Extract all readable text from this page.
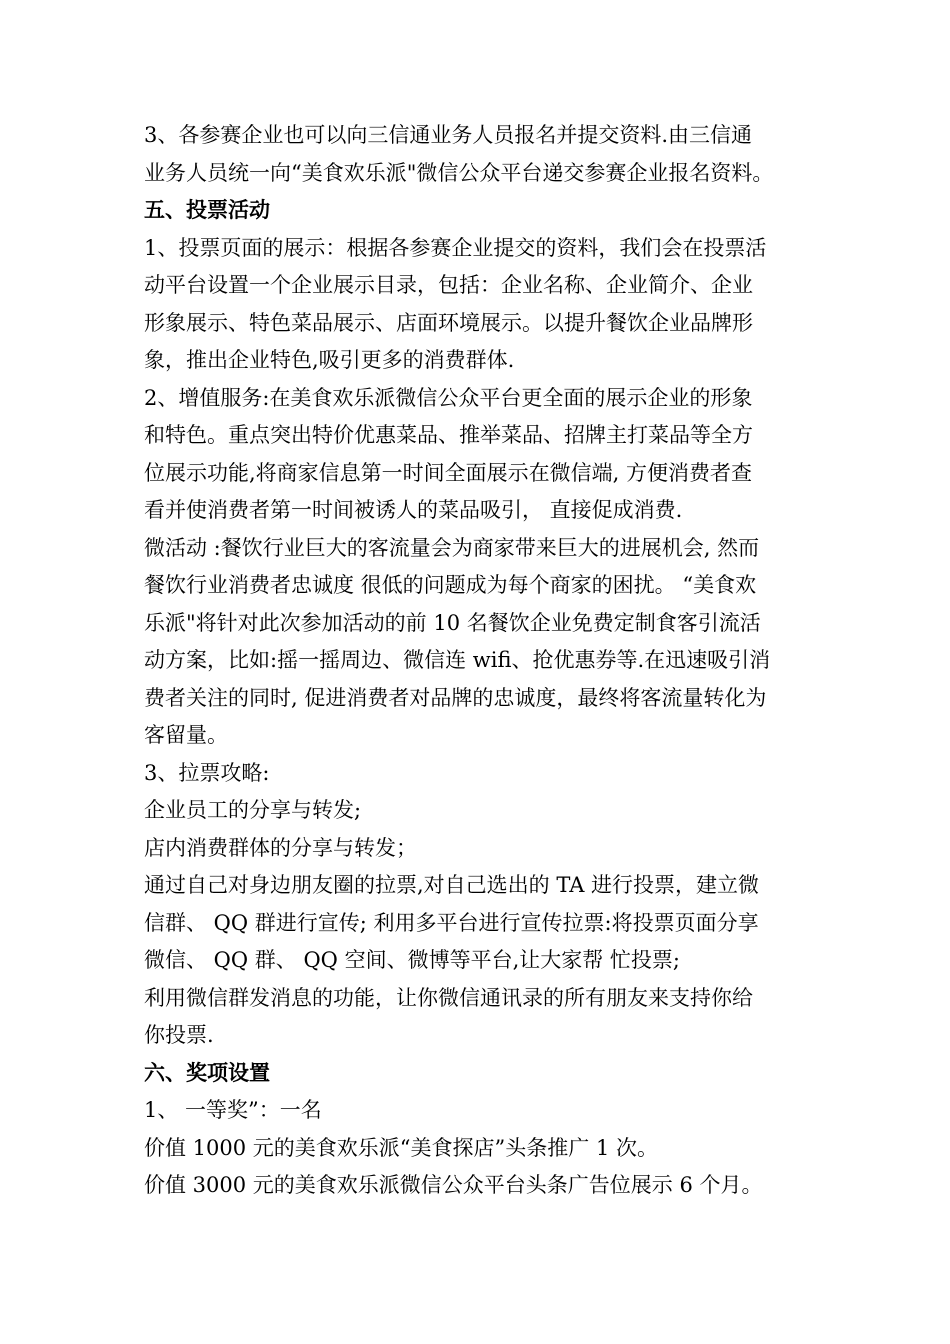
3、各参赛企业也可以向三信通业务人员报名并提交资料.由三信通
业务人员统一向“美食欢乐派"微信公众平台递交参赛企业报名资料。
五、投票活动
1、投票页面的展示：根据各参赛企业提交的资料，我们会在投票活
动平台设置一个企业展示目录，包括：企业名称、企业简介、企业
形象展示、特色菜品展示、店面环境展示。以提升餐饮企业品牌形
象，推出企业特色,吸引更多的消费群体.
2、增值服务:在美食欢乐派微信公众平台更全面的展示企业的形象
和特色。重点突出特价优惠菜品、推举菜品、招牌主打菜品等全方
位展示功能,将商家信息第一时间全面展示在微信端, 方便消费者查
看并使消费者第一时间被诱人的菜品吸引， 直接促成消费.
微活动 :餐饮行业巨大的客流量会为商家带来巨大的进展机会, 然而
餐饮行业消费者忠诚度 很低的问题成为每个商家的困扰。 “美食欢
乐派"将针对此次参加活动的前 10 名餐饮企业免费定制食客引流活
动方案，比如:摇一摇周边、微信连 wifi、抢优惠券等.在迅速吸引消
费者关注的同时, 促进消费者对品牌的忠诚度，最终将客流量转化为
客留量。
3、拉票攻略:
企业员工的分享与转发;
店内消费群体的分享与转发；
通过自己对身边朋友圈的拉票,对自己选出的 TA 进行投票，建立微
信群、 QQ 群进行宣传; 利用多平台进行宣传拉票:将投票页面分享
微信、 QQ 群、 QQ 空间、微博等平台,让大家帮 忙投票;
利用微信群发消息的功能，让你微信通讯录的所有朋友来支持你给
你投票.
六、奖项设置
1、 一等奖”：一名
价值 1000 元的美食欢乐派“美食探店”头条推广 1 次。
价值 3000 元的美食欢乐派微信公众平台头条广告位展示 6 个月。
